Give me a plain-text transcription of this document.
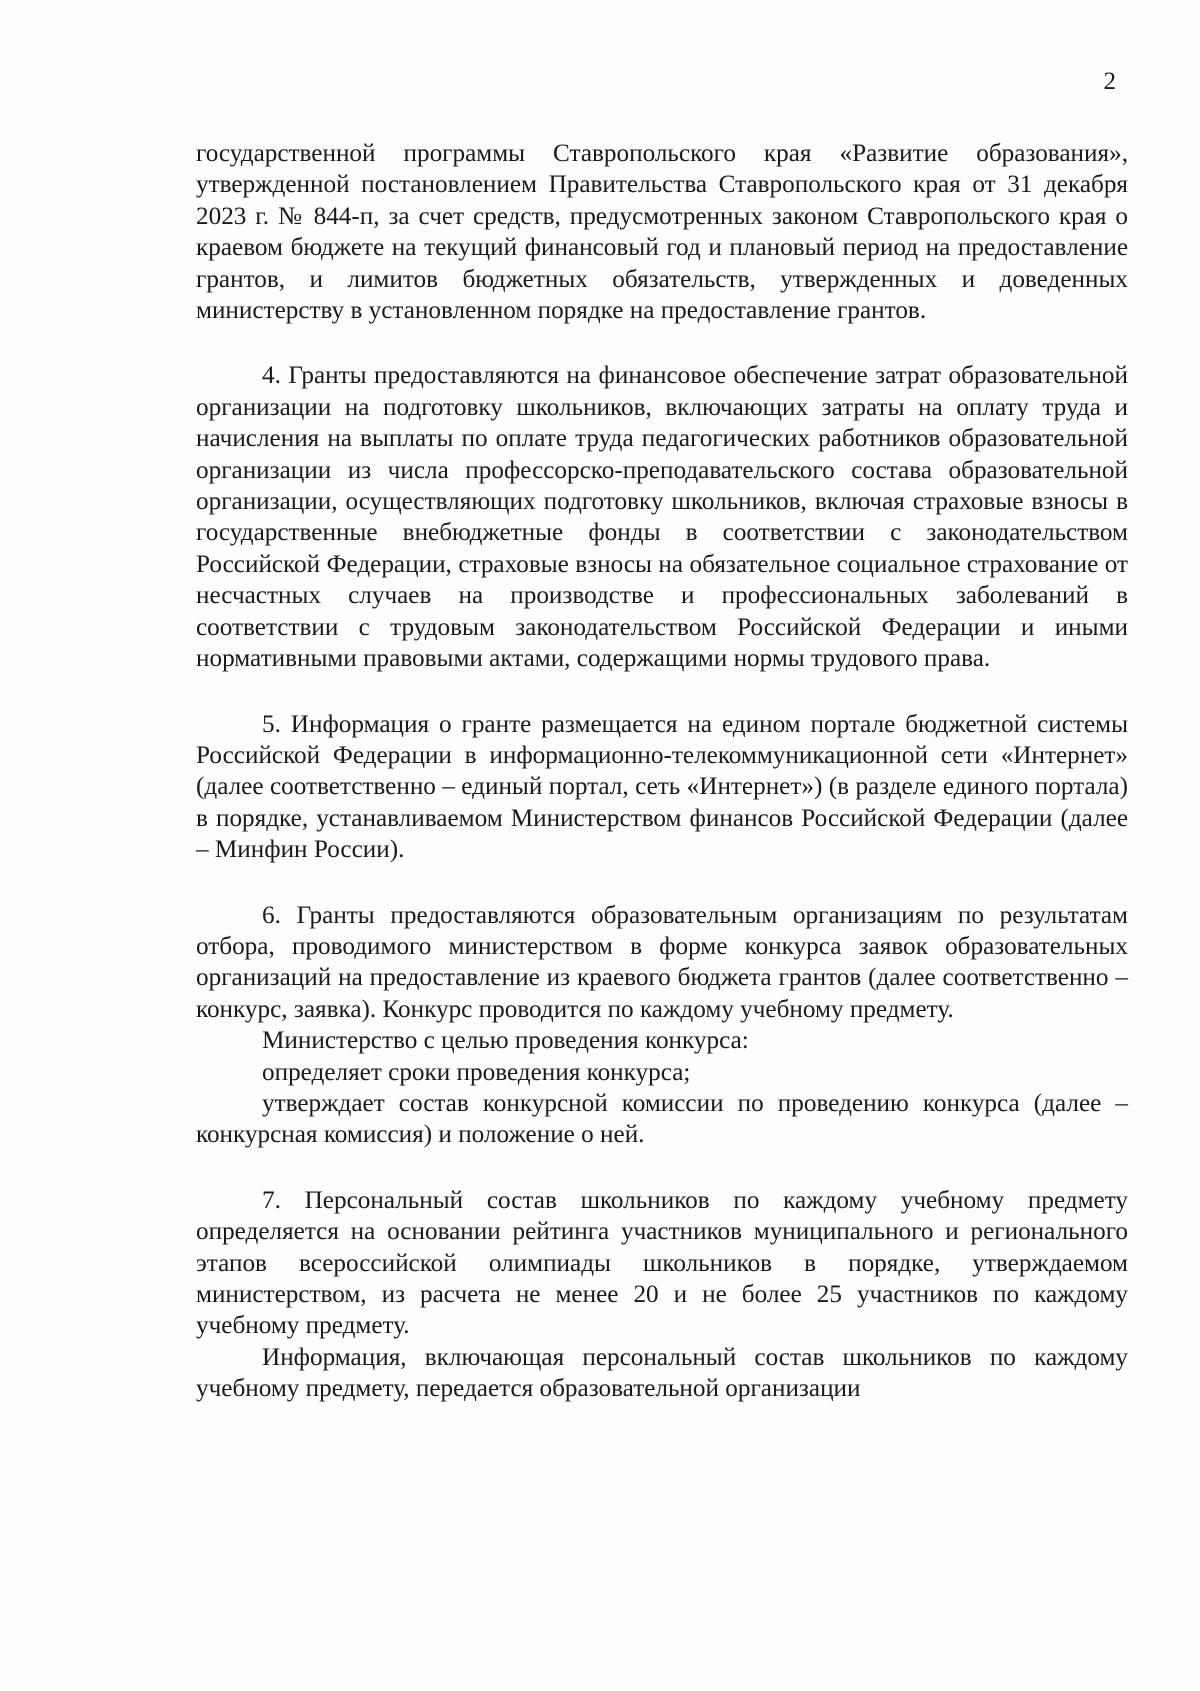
2

государственной программы Ставропольского края «Развитие образования», утвержденной постановлением Правительства Ставропольского края от 31 декабря 2023 г. № 844-п, за счет средств, предусмотренных законом Ставропольского края о краевом бюджете на текущий финансовый год и плановый период на предоставление грантов, и лимитов бюджетных обязательств, утвержденных и доведенных министерству в установленном порядке на предоставление грантов.

4. Гранты предоставляются на финансовое обеспечение затрат образовательной организации на подготовку школьников, включающих затраты на оплату труда и начисления на выплаты по оплате труда педагогических работников образовательной организации из числа профессорско-преподавательского состава образовательной организации, осуществляющих подготовку школьников, включая страховые взносы в государственные внебюджетные фонды в соответствии с законодательством Российской Федерации, страховые взносы на обязательное социальное страхование от несчастных случаев на производстве и профессиональных заболеваний в соответствии с трудовым законодательством Российской Федерации и иными нормативными правовыми актами, содержащими нормы трудового права.

5. Информация о гранте размещается на едином портале бюджетной системы Российской Федерации в информационно-телекоммуникационной сети «Интернет» (далее соответственно – единый портал, сеть «Интернет») (в разделе единого портала) в порядке, устанавливаемом Министерством финансов Российской Федерации (далее – Минфин России).

6. Гранты предоставляются образовательным организациям по результатам отбора, проводимого министерством в форме конкурса заявок образовательных организаций на предоставление из краевого бюджета грантов (далее соответственно – конкурс, заявка). Конкурс проводится по каждому учебному предмету.

Министерство с целью проведения конкурса:

определяет сроки проведения конкурса;

утверждает состав конкурсной комиссии по проведению конкурса (далее – конкурсная комиссия) и положение о ней.

7. Персональный состав школьников по каждому учебному предмету определяется на основании рейтинга участников муниципального и регионального этапов всероссийской олимпиады школьников в порядке, утверждаемом министерством, из расчета не менее 20 и не более 25 участников по каждому учебному предмету.

Информация, включающая персональный состав школьников по каждому учебному предмету, передается образовательной организации
